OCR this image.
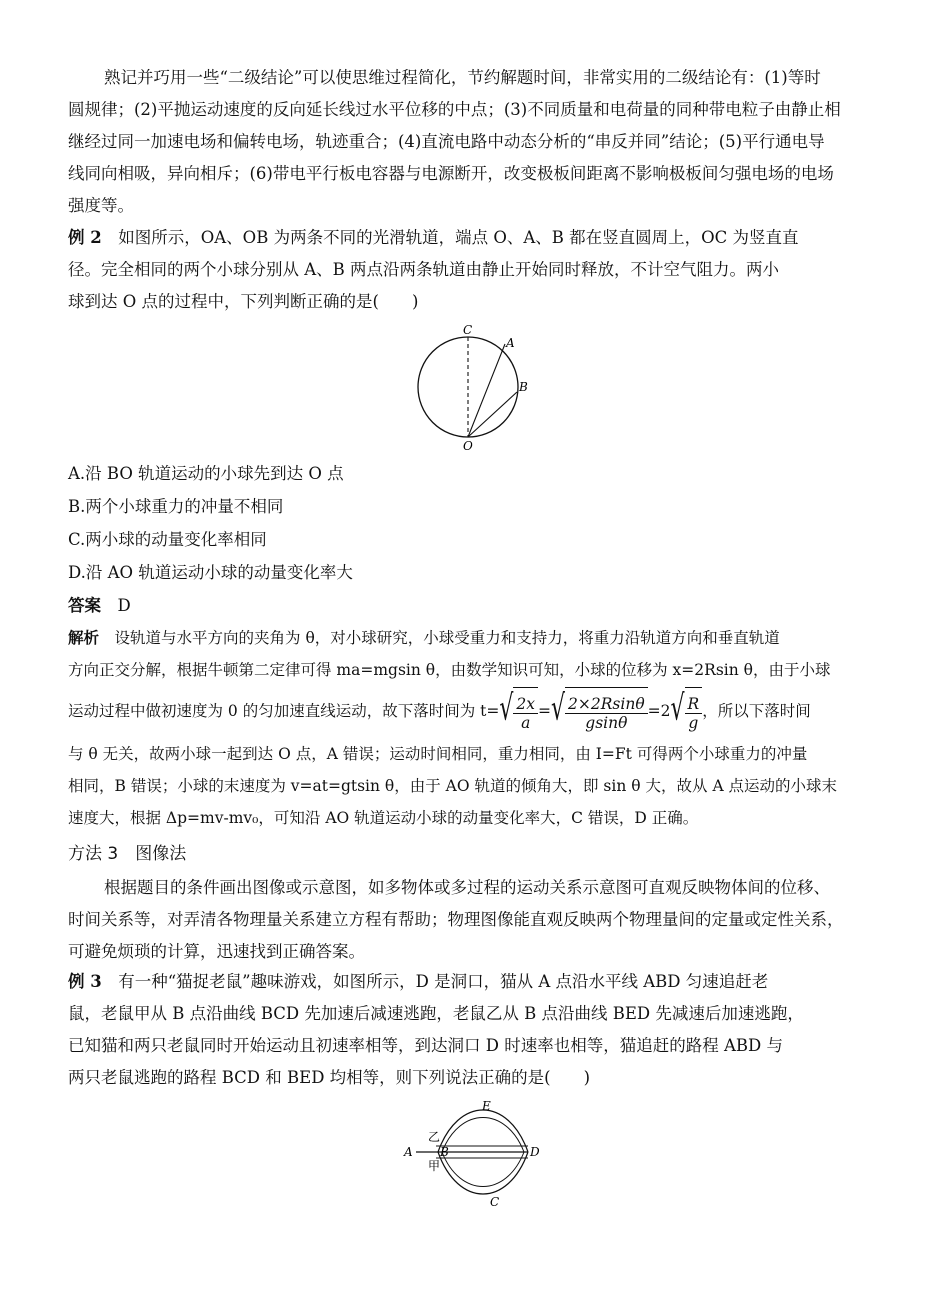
熟记并巧用一些“二级结论”可以使思维过程简化，节约解题时间，非常实用的二级结论有：(1)等时

圆规律；(2)平抛运动速度的反向延长线过水平位移的中点；(3)不同质量和电荷量的同种带电粒子由静止相

继经过同一加速电场和偏转电场，轨迹重合；(4)直流电路中动态分析的“串反并同”结论；(5)平行通电导

线同向相吸，异向相斥；(6)带电平行板电容器与电源断开，改变极板间距离不影响极板间匀强电场的电场

强度等。

例 2　 如图所示，OA、OB 为两条不同的光滑轨道，端点 O、A、B 都在竖直圆周上，OC 为竖直直

径。完全相同的两个小球分别从 A、B 两点沿两条轨道由静止开始同时释放，不计空气阻力。两小

球到达 O 点的过程中，下列判断正确的是(　　)

C
A
B
O

A.沿 BO 轨道运动的小球先到达 O 点

B.两个小球重力的冲量不相同

C.两小球的动量变化率相同

D.沿 AO 轨道运动小球的动量变化率大

答案　 D

解析　 设轨道与水平方向的夹角为 θ，对小球研究，小球受重力和支持力，将重力沿轨道方向和垂直轨道

方向正交分解，根据牛顿第二定律可得 ma=mgsin θ，由数学知识可知，小球的位移为 x=2Rsin θ，由于小球

运动过程中做初速度为 0 的匀加速直线运动，故下落时间为 $t=√ \frac{2x}{a}$ =√ $\frac{2\times 2Rsin\theta}{gsin\theta} =2√ \frac{R}{g}$ ，所以下落时间

与 θ 无关，故两小球一起到达 O 点，A 错误；运动时间相同，重力相同，由 I=Ft 可得两个小球重力的冲量

相同，B 错误；小球的末速度为 v=at=gtsin θ，由于 AO 轨道的倾角大，即 sin θ 大，故从 A 点运动的小球末

速度大，根据 Δp=mv-mv₀，可知沿 AO 轨道运动小球的动量变化率大，C 错误，D 正确。

方法 3　图像法

根据题目的条件画出图像或示意图，如多物体或多过程的运动关系示意图可直观反映物体间的位移、

时间关系等，对弄清各物理量关系建立方程有帮助；物理图像能直观反映两个物理量间的定量或定性关系，

可避免烦琐的计算，迅速找到正确答案。

例 3　 有一种“猫捉老鼠”趣味游戏，如图所示，D 是洞口，猫从 A 点沿水平线 ABD 匀速追赶老

鼠，老鼠甲从 B 点沿曲线 BCD 先加速后减速逃跑，老鼠乙从 B 点沿曲线 BED 先减速后加速逃跑，

已知猫和两只老鼠同时开始运动且初速率相等，到达洞口 D 时速率也相等，猫追赶的路程 ABD 与

两只老鼠逃跑的路程 BCD 和 BED 均相等，则下列说法正确的是(　　)

E
A B	D
C
乙
甲
